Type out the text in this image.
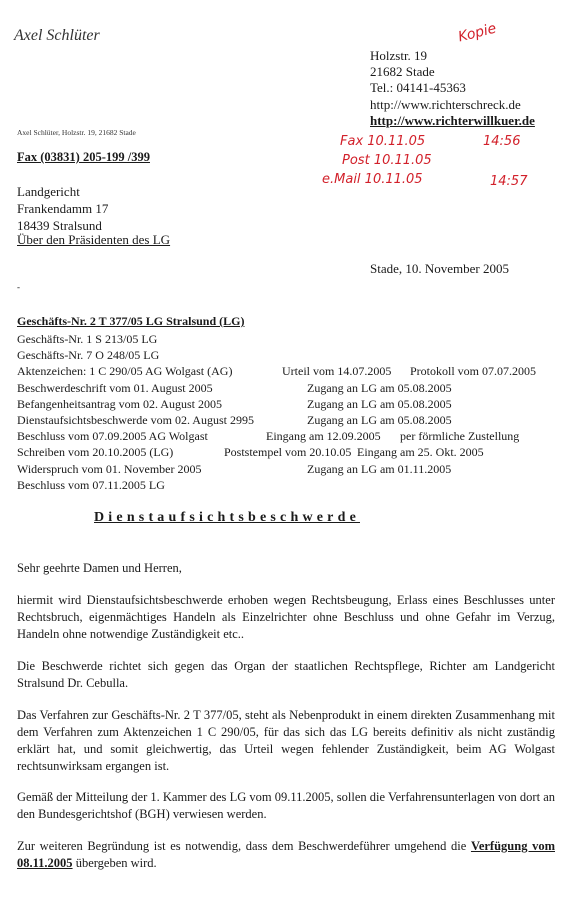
Axel Schlüter
Holzstr. 19
21682 Stade
Tel.: 04141-45363
http://www.richterschreck.de
http://www.richterwillkuer.de
Kopie
Fax 10.11.05	14:56
Post 10.11.05
e.Mail 10.11.05	14:57
Axel Schlüter, Holzstr. 19, 21682 Stade
Fax (03831) 205-199 /399
Landgericht
Frankendamm 17
18439 Stralsund
Über den Präsidenten des LG
Stade, 10. November 2005
-
Geschäfts-Nr. 2 T 377/05 LG Stralsund (LG)
Geschäfts-Nr. 1 S 213/05 LG
Geschäfts-Nr. 7 O 248/05 LG
Aktenzeichen: 1 C 290/05 AG Wolgast (AG)	Urteil vom 14.07.2005 Protokoll vom 07.07.2005
Beschwerdeschrift vom 01. August 2005	Zugang an LG am 05.08.2005
Befangenheitsantrag vom 02. August 2005	Zugang an LG am 05.08.2005
Dienstaufsichtsbeschwerde vom 02. August 2995	Zugang an LG am 05.08.2005
Beschluss vom 07.09.2005 AG Wolgast	Eingang am 12.09.2005 per förmliche Zustellung
Schreiben vom 20.10.2005 (LG)	Poststempel vom 20.10.05 Eingang am 25. Okt. 2005
Widerspruch vom 01. November 2005	Zugang an LG am 01.11.2005
Beschluss vom 07.11.2005 LG
Dienstaufsichtsbeschwerde
Sehr geehrte Damen und Herren,
hiermit wird Dienstaufsichtsbeschwerde erhoben wegen Rechtsbeugung, Erlass eines Beschlusses unter Rechtsbruch, eigenmächtiges Handeln als Einzelrichter ohne Beschluss und ohne Gefahr im Verzug, Handeln ohne notwendige Zuständigkeit etc..
Die Beschwerde richtet sich gegen das Organ der staatlichen Rechtspflege, Richter am Landgericht Stralsund Dr. Cebulla.
Das Verfahren zur Geschäfts-Nr. 2 T 377/05, steht als Nebenprodukt in einem direkten Zusammenhang mit dem Verfahren zum Aktenzeichen 1 C 290/05, für das sich das LG bereits definitiv als nicht zuständig erklärt hat, und somit gleichwertig, das Urteil wegen fehlender Zuständigkeit, beim AG Wolgast rechtsunwirksam ergangen ist.
Gemäß der Mitteilung der 1. Kammer des LG vom 09.11.2005, sollen die Verfahrensunterlagen von dort an den Bundesgerichtshof (BGH) verwiesen werden.
Zur weiteren Begründung ist es notwendig, dass dem Beschwerdeführer umgehend die Verfügung vom 08.11.2005 übergeben wird.
